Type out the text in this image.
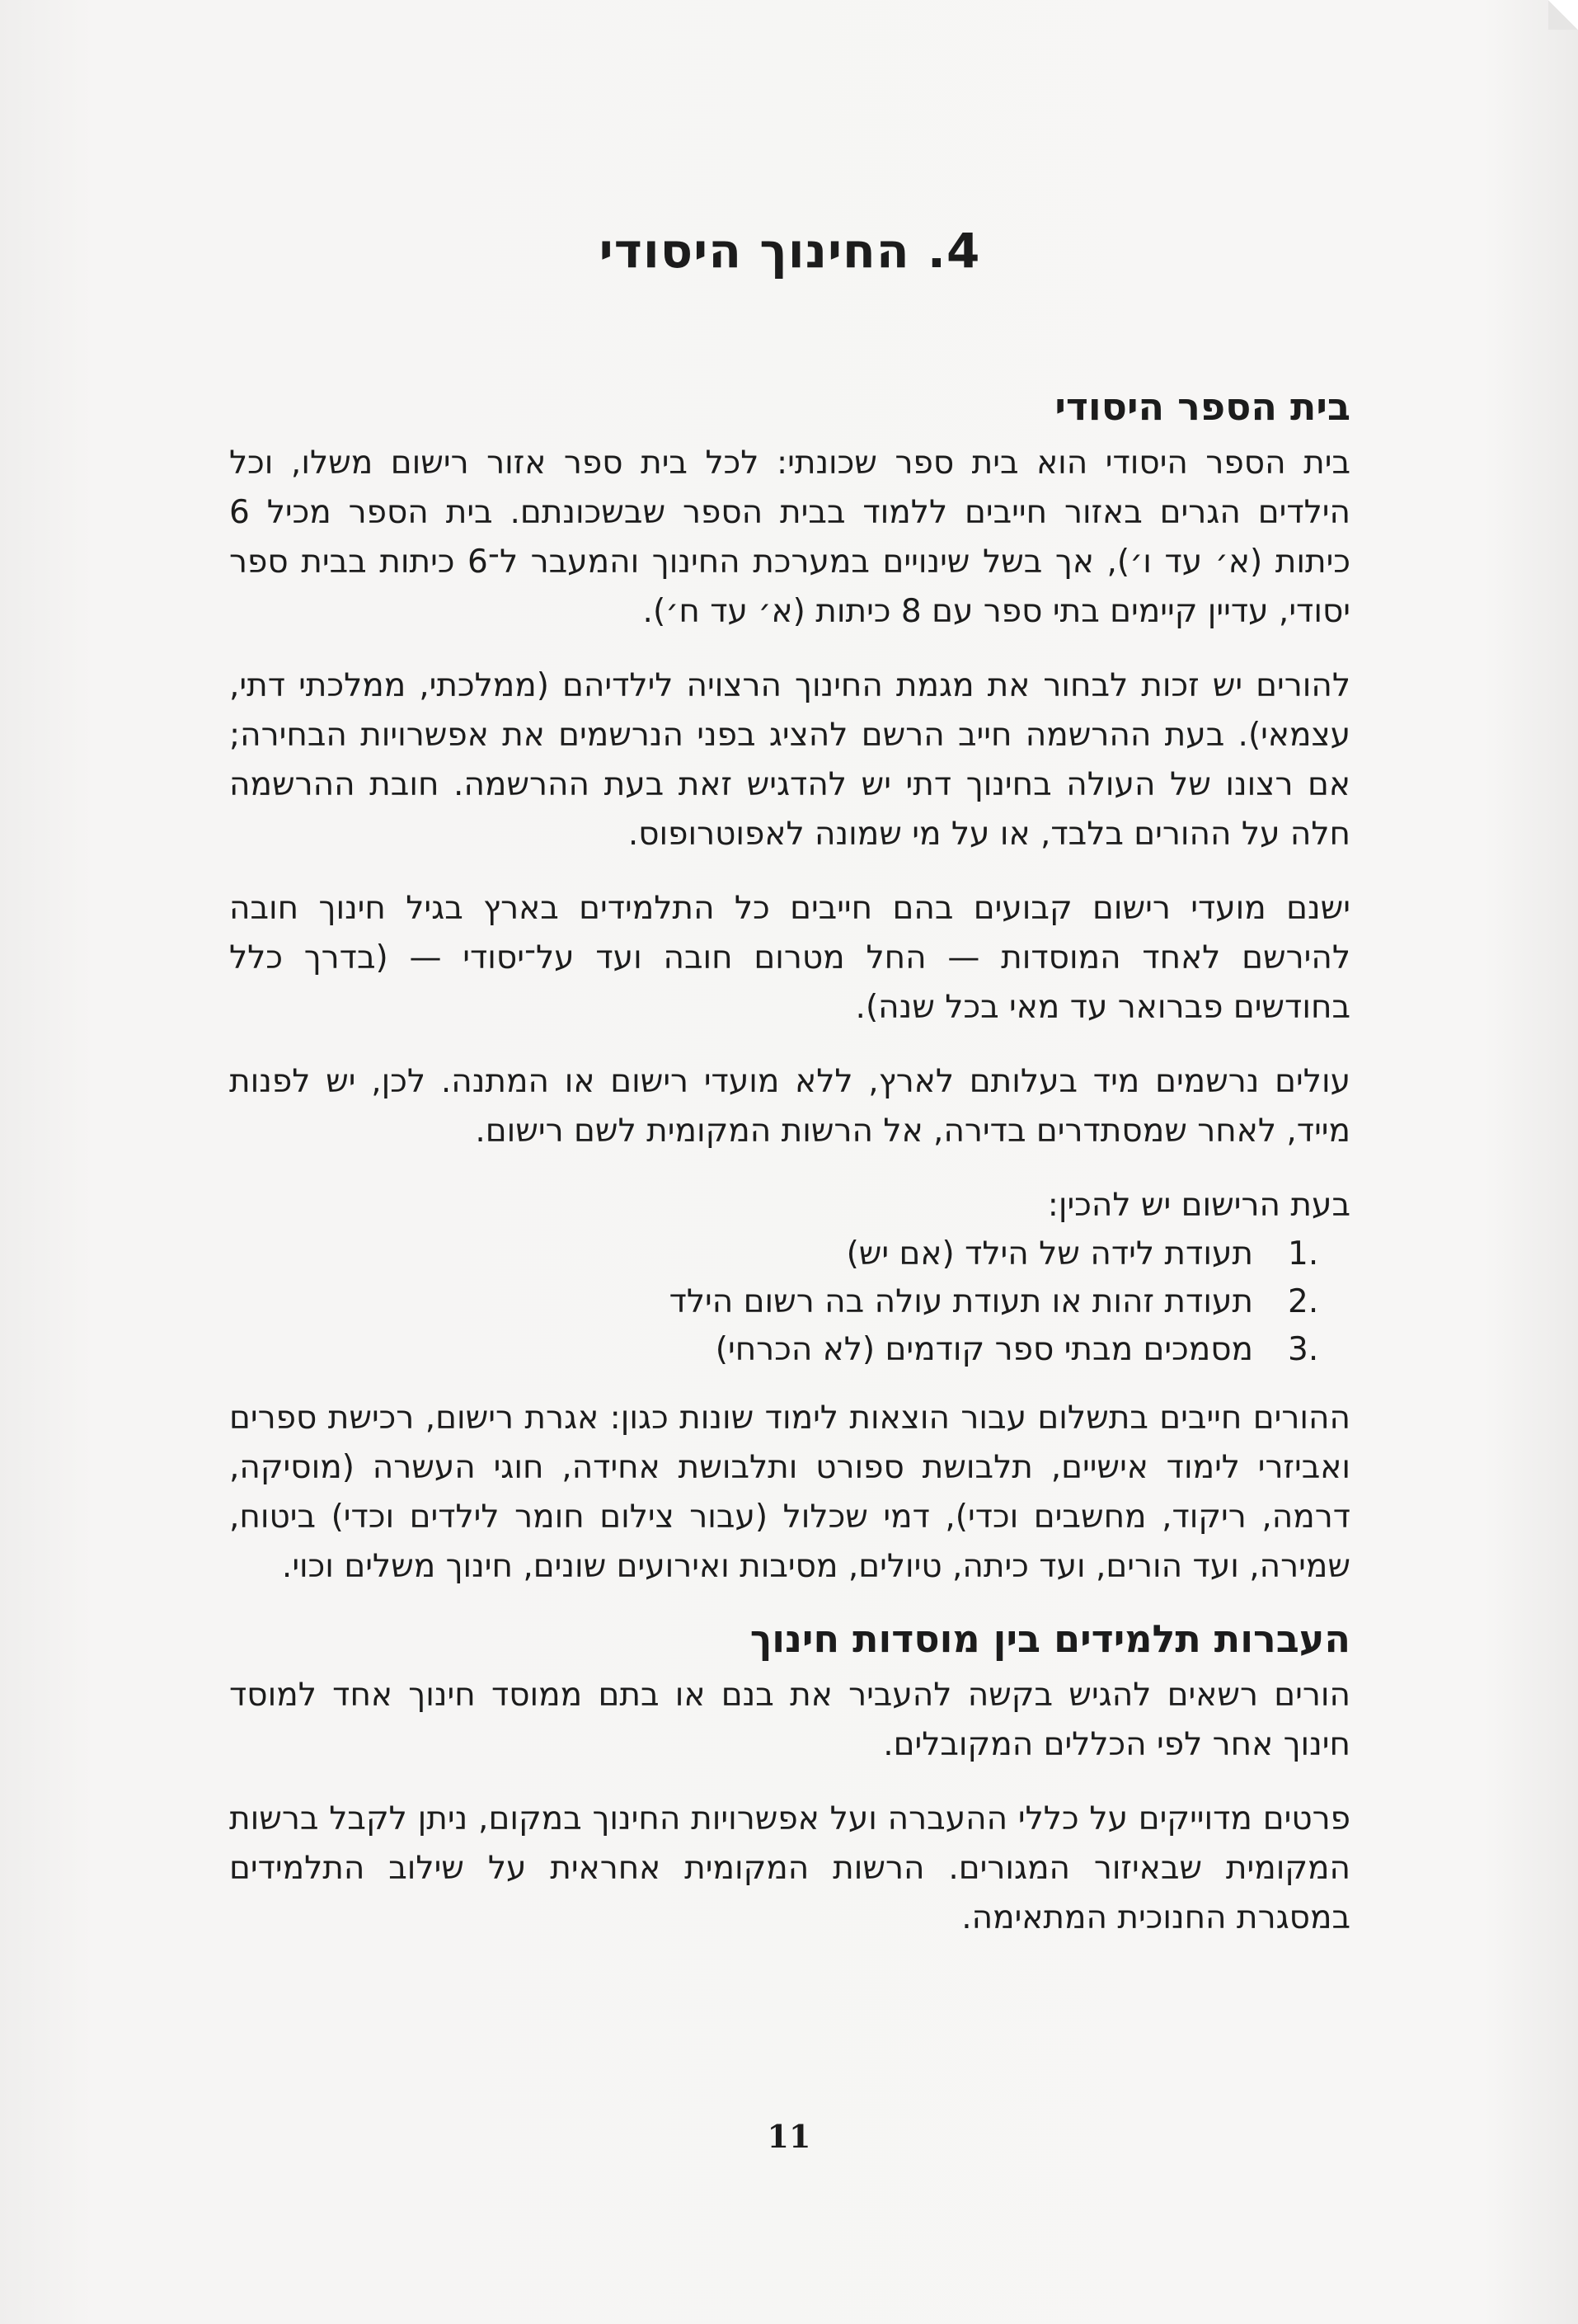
4. החינוך היסודי
בית הספר היסודי

בית הספר היסודי הוא בית ספר שכונתי: לכל בית ספר אזור רישום משלו, וכל הילדים הגרים באזור חייבים ללמוד בבית הספר שבשכונתם. בית הספר מכיל 6 כיתות (א׳ עד ו׳), אך בשל שינויים במערכת החינוך והמעבר ל־6 כיתות בבית ספר יסודי, עדיין קיימים בתי ספר עם 8 כיתות (א׳ עד ח׳).

להורים יש זכות לבחור את מגמת החינוך הרצויה לילדיהם (ממלכתי, ממלכתי דתי, עצמאי). בעת ההרשמה חייב הרשם להציג בפני הנרשמים את אפשרויות הבחירה; אם רצונו של העולה בחינוך דתי יש להדגיש זאת בעת ההרשמה. חובת ההרשמה חלה על ההורים בלבד, או על מי שמונה לאפוטרופוס.

ישנם מועדי רישום קבועים בהם חייבים כל התלמידים בארץ בגיל חינוך חובה להירשם לאחד המוסדות — החל מטרום חובה ועד על־יסודי — (בדרך כלל בחודשים פברואר עד מאי בכל שנה).

עולים נרשמים מיד בעלותם לארץ, ללא מועדי רישום או המתנה. לכן, יש לפנות מייד, לאחר שמסתדרים בדירה, אל הרשות המקומית לשם רישום.

בעת הרישום יש להכין:

.1
תעודת לידה של הילד (אם יש)
.2
תעודת זהות או תעודת עולה בה רשום הילד
.3
מסמכים מבתי ספר קודמים (לא הכרחי)

ההורים חייבים בתשלום עבור הוצאות לימוד שונות כגון: אגרת רישום, רכישת ספרים ואביזרי לימוד אישיים, תלבושת ספורט ותלבושת אחידה, חוגי העשרה (מוסיקה, דרמה, ריקוד, מחשבים וכדי), דמי שכלול (עבור צילום חומר לילדים וכדי) ביטוח, שמירה, ועד הורים, ועד כיתה, טיולים, מסיבות ואירועים שונים, חינוך משלים וכוי.

העברות תלמידים בין מוסדות חינוך

הורים רשאים להגיש בקשה להעביר את בנם או בתם ממוסד חינוך אחד למוסד חינוך אחר לפי הכללים המקובלים.

פרטים מדוייקים על כללי ההעברה ועל אפשרויות החינוך במקום, ניתן לקבל ברשות המקומית שבאיזור המגורים. הרשות המקומית אחראית על שילוב התלמידים במסגרת החנוכית המתאימה.

11
